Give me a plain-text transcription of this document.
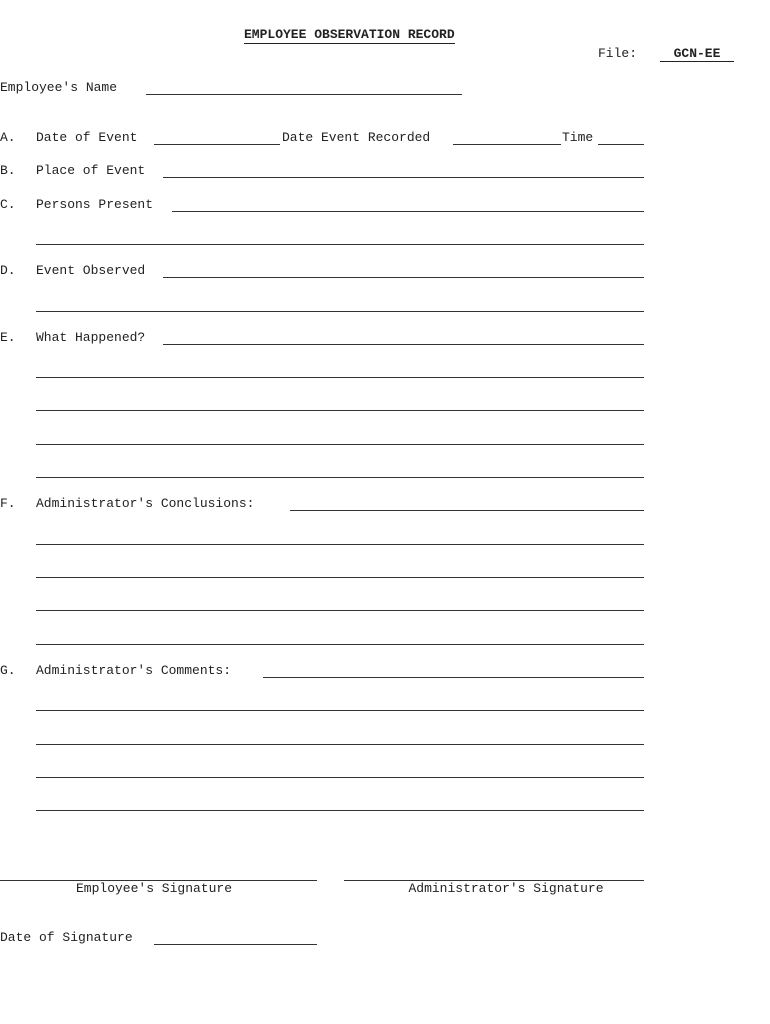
EMPLOYEE OBSERVATION RECORD
File:	GCN-EE
Employee's Name
A. Date of Event	Date Event Recorded	Time
B. Place of Event
C. Persons Present
D. Event Observed
E. What Happened?
F. Administrator's Conclusions:
G. Administrator's Comments:
Employee's Signature	Administrator's Signature
Date of Signature
